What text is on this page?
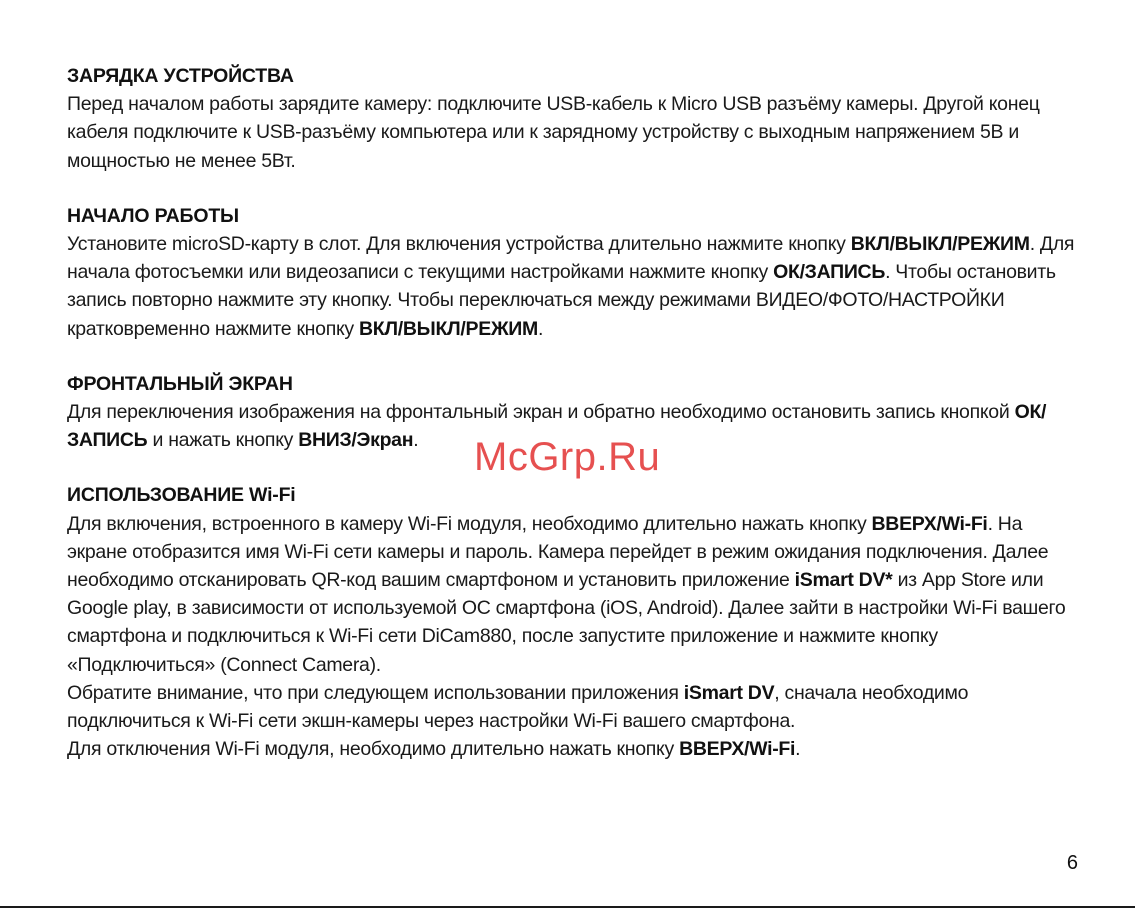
ЗАРЯДКА УСТРОЙСТВА

Перед началом работы зарядите камеру: подключите USB-кабель к Micro USB разъёму камеры. Другой конец кабеля подключите к USB-разъёму компьютера или к зарядному устройству с выходным напряжением 5В и мощностью не менее 5Вт.

НАЧАЛО РАБОТЫ

Установите microSD-карту в слот. Для включения устройства длительно нажмите кнопку ВКЛ/ВЫКЛ/РЕЖИМ. Для начала фотосъемки или видеозаписи с текущими настройками нажмите кнопку ОК/ЗАПИСЬ. Чтобы остановить запись повторно нажмите эту кнопку. Чтобы переключаться между режимами ВИДЕО/ФОТО/НАСТРОЙКИ кратковременно нажмите кнопку ВКЛ/ВЫКЛ/РЕЖИМ.

ФРОНТАЛЬНЫЙ ЭКРАН

Для переключения изображения на фронтальный экран и обратно необходимо остановить запись кнопкой ОК/ЗАПИСЬ и нажать кнопку ВНИЗ/Экран.

ИСПОЛЬЗОВАНИЕ Wi-Fi

Для включения, встроенного в камеру Wi-Fi модуля, необходимо длительно нажать кнопку ВВЕРХ/Wi-Fi. На экране отобразится имя Wi-Fi сети камеры и пароль. Камера перейдет в режим ожидания подключения. Далее необходимо отсканировать QR-код вашим смартфоном и установить приложение iSmart DV* из App Store или Google play, в зависимости от используемой ОС смартфона (iOS, Android). Далее зайти в настройки Wi-Fi вашего смартфона и подключиться к Wi-Fi сети DiCam880, после запустите приложение и нажмите кнопку «Подключиться» (Connect Camera).

Обратите внимание, что при следующем использовании приложения iSmart DV, сначала необходимо подключиться к Wi-Fi сети экшн-камеры через настройки Wi-Fi вашего смартфона.

Для отключения Wi-Fi модуля, необходимо длительно нажать кнопку ВВЕРХ/Wi-Fi.

McGrp.Ru
6
